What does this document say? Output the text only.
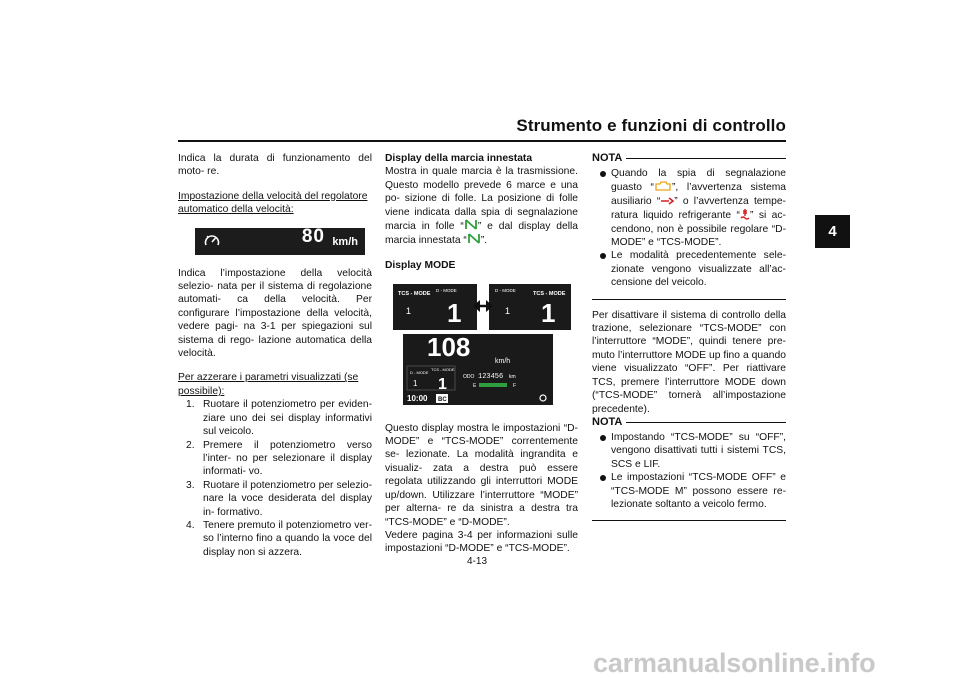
Strumento e funzioni di controllo
4

Indica la durata di funzionamento del moto- re.

Impostazione della velocità del regolatore automatico della velocità:

80 km/h

Indica l’impostazione della velocità selezio- nata per il sistema di regolazione automati- ca della velocità. Per configurare l’impostazione della velocità, vedere pagi- na 3-1 per spiegazioni sul sistema di rego- lazione automatica della velocità.

Per azzerare i parametri visualizzati (se possibile):

1. Ruotare il potenziometro per eviden- ziare uno dei sei display informativi sul veicolo.
2. Premere il potenziometro verso l’inter- no per selezionare il display informati- vo.
3. Ruotare il potenziometro per selezio- nare la voce desiderata del display in- formativo.
4. Tenere premuto il potenziometro ver- so l’interno fino a quando la voce del display non si azzera.

Display della marcia innestata

Mostra in quale marcia è la trasmissione. Questo modello prevede 6 marce e una po- sizione di folle. La posizione di folle viene indicata dalla spia di segnalazione marcia in folle “ ” e dal display della marcia innestata “ ”.

Display MODE

108	km/h
D - MODE
TCS - MODE
1 1	ODO 123456 km
E	F
10:00 BC
TCS - MODE
D - MODE
1 1
D - MODE
TCS - MODE
1 1

Questo display mostra le impostazioni “D- MODE” e “TCS-MODE” correntemente se- lezionate. La modalità ingrandita e visualiz- zata a destra può essere regolata utilizzando gli interruttori MODE up/down. Utilizzare l’interruttore “MODE” per alterna- re da sinistra a destra tra “TCS-MODE” e “D-MODE”.

Vedere pagina 3-4 per informazioni sulle impostazioni “D-MODE” e “TCS-MODE”.

NOTA
Quando la spia di segnalazione guasto “ ”, l’avvertenza sistema ausiliario “ ” o l’avvertenza tempe- ratura liquido refrigerante “ ” si ac- cendono, non è possibile regolare “D- MODE” e “TCS-MODE”.
Le modalità precedentemente sele- zionate vengono visualizzate all’ac- censione del veicolo.

Per disattivare il sistema di controllo della trazione, selezionare “TCS-MODE” con l’interruttore “MODE”, quindi tenere pre- muto l’interruttore MODE up fino a quando viene visualizzato “OFF”. Per riattivare TCS, premere l’interruttore MODE down (“TCS-MODE” tornerà all’impostazione precedente).

NOTA
Impostando “TCS-MODE” su “OFF”, vengono disattivati tutti i sistemi TCS, SCS e LIF.
Le impostazioni “TCS-MODE OFF” e “TCS-MODE M” possono essere re- lezionate soltanto a veicolo fermo.
4-13
carmanualsonline.info
